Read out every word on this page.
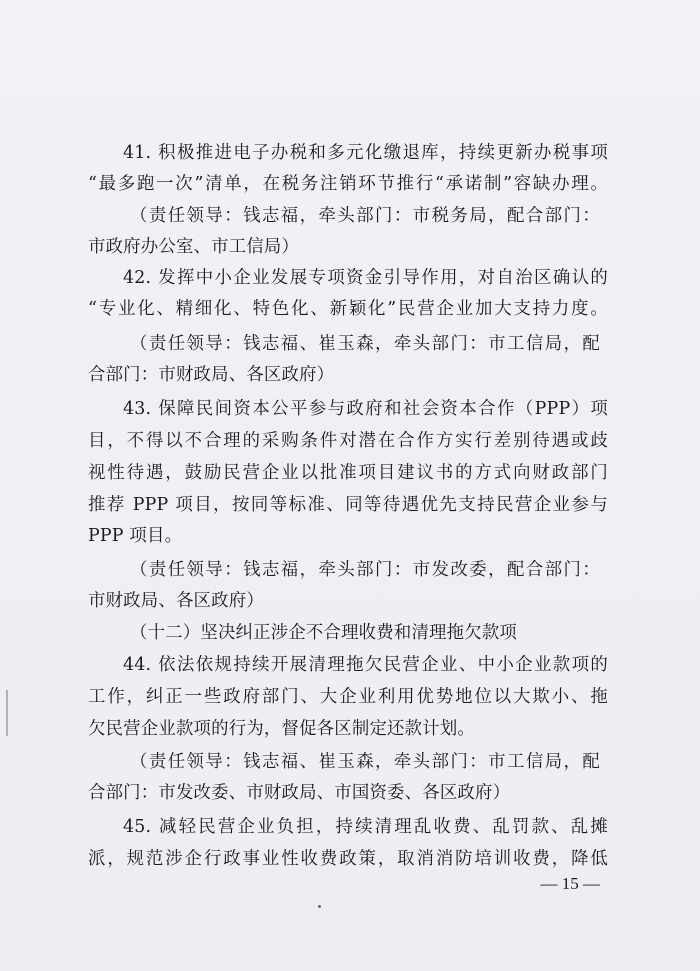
41. 积极推进电子办税和多元化缴退库，持续更新办税事项
“最多跑一次”清单，在税务注销环节推行“承诺制”容缺办理。
（责任领导：钱志福，牵头部门：市税务局，配合部门：
市政府办公室、市工信局）
42. 发挥中小企业发展专项资金引导作用，对自治区确认的
“专业化、精细化、特色化、新颖化”民营企业加大支持力度。
（责任领导：钱志福、崔玉森，牵头部门：市工信局，配
合部门：市财政局、各区政府）
43. 保障民间资本公平参与政府和社会资本合作（PPP）项
目，不得以不合理的采购条件对潜在合作方实行差别待遇或歧
视性待遇，鼓励民营企业以批准项目建议书的方式向财政部门
推荐 PPP 项目，按同等标准、同等待遇优先支持民营企业参与
PPP 项目。
（责任领导：钱志福，牵头部门：市发改委，配合部门：
市财政局、各区政府）
（十二）坚决纠正涉企不合理收费和清理拖欠款项
44. 依法依规持续开展清理拖欠民营企业、中小企业款项的
工作，纠正一些政府部门、大企业利用优势地位以大欺小、拖
欠民营企业款项的行为，督促各区制定还款计划。
（责任领导：钱志福、崔玉森，牵头部门：市工信局，配
合部门：市发改委、市财政局、市国资委、各区政府）
45. 减轻民营企业负担，持续清理乱收费、乱罚款、乱摊
派，规范涉企行政事业性收费政策，取消消防培训收费，降低
— 15 —
